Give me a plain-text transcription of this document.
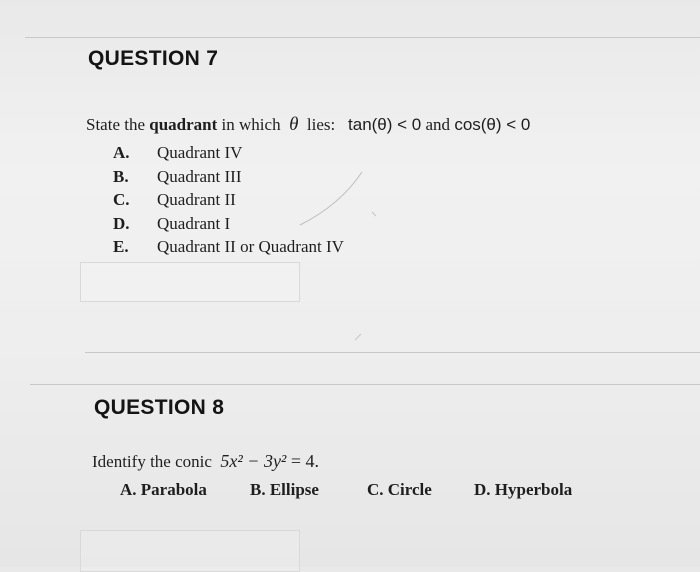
QUESTION 7
State the quadrant in which θ lies: tan(θ) < 0 and cos(θ) < 0
A. Quadrant IV
B. Quadrant III
C. Quadrant II
D. Quadrant I
E. Quadrant II or Quadrant IV
QUESTION 8
Identify the conic 5x² − 3y² = 4.
A. Parabola	B. Ellipse	C. Circle D. Hyperbola
